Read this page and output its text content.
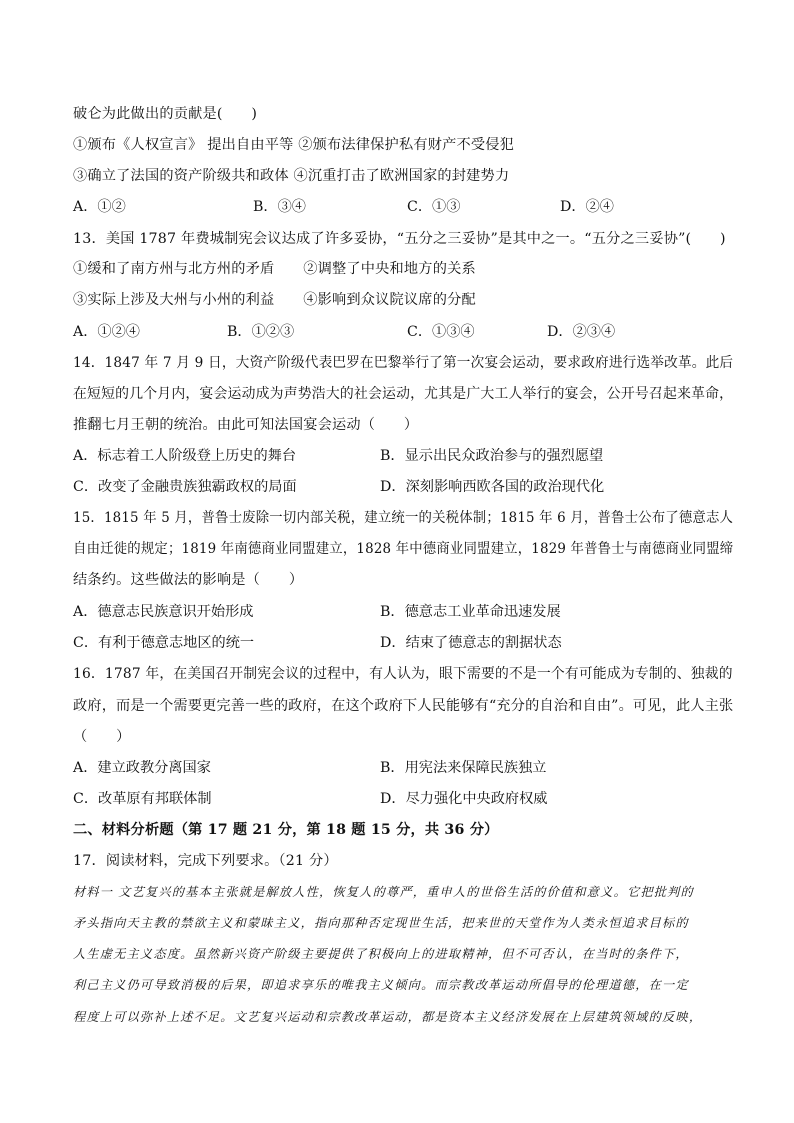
破仑为此做出的贡献是(　　)
①颁布《人权宣言》 提出自由平等 ②颁布法律保护私有财产不受侵犯
③确立了法国的资产阶级共和政体 ④沉重打击了欧洲国家的封建势力
A．①②	B．③④	C．①③	D．②④
13．美国 1787 年费城制宪会议达成了许多妥协，“五分之三妥协”是其中之一。“五分之三妥协”(　　)
①缓和了南方州与北方州的矛盾　　②调整了中央和地方的关系
③实际上涉及大州与小州的利益　　④影响到众议院议席的分配
A．①②④	B．①②③	C．①③④	D．②③④
14．1847 年 7 月 9 日，大资产阶级代表巴罗在巴黎举行了第一次宴会运动，要求政府进行选举改革。此后
在短短的几个月内，宴会运动成为声势浩大的社会运动，尤其是广大工人举行的宴会，公开号召起来革命，
推翻七月王朝的统治。由此可知法国宴会运动（　　）
A．标志着工人阶级登上历史的舞台	B．显示出民众政治参与的强烈愿望
C．改变了金融贵族独霸政权的局面	D．深刻影响西欧各国的政治现代化
15．1815 年 5 月，普鲁士废除一切内部关税，建立统一的关税体制；1815 年 6 月，普鲁士公布了德意志人
自由迁徙的规定；1819 年南德商业同盟建立，1828 年中德商业同盟建立，1829 年普鲁士与南德商业同盟缔
结条约。这些做法的影响是（　　）
A．德意志民族意识开始形成	B．德意志工业革命迅速发展
C．有利于德意志地区的统一	D．结束了德意志的割据状态
16．1787 年，在美国召开制宪会议的过程中，有人认为，眼下需要的不是一个有可能成为专制的、独裁的
政府，而是一个需要更完善一些的政府，在这个政府下人民能够有“充分的自治和自由”。可见，此人主张
（　　）
A．建立政教分离国家	B．用宪法来保障民族独立
C．改革原有邦联体制	D．尽力强化中央政府权威
二、材料分析题（第 17 题 21 分，第 18 题 15 分，共 36 分）
17．阅读材料，完成下列要求。（21 分）
材料一 文艺复兴的基本主张就是解放人性，恢复人的尊严，重申人的世俗生活的价值和意义。它把批判的
矛头指向天主教的禁欲主义和蒙昧主义，指向那种否定现世生活，把来世的天堂作为人类永恒追求目标的
人生虚无主义态度。虽然新兴资产阶级主要提供了积极向上的进取精神，但不可否认，在当时的条件下，
利己主义仍可导致消极的后果，即追求享乐的唯我主义倾向。而宗教改革运动所倡导的伦理道德，在一定
程度上可以弥补上述不足。文艺复兴运动和宗教改革运动，都是资本主义经济发展在上层建筑领域的反映，
